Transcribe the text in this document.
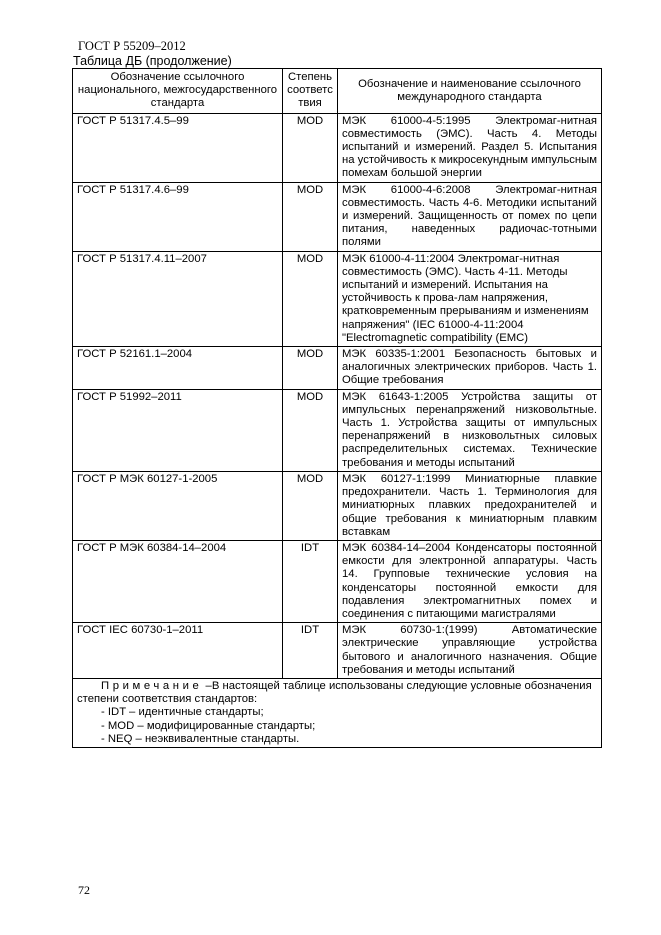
ГОСТ Р 55209–2012
Таблица ДБ (продолжение)
Обозначение ссылочного национального, межгосударственного стандарта	Степень соответс твия	Обозначение и наименование ссылочного международного стандарта
ГОСТ Р 51317.4.5–99	MOD	МЭК 61000-4-5:1995 Электромаг-нитная совместимость (ЭМС). Часть 4. Методы испытаний и измерений. Раздел 5. Испытания на устойчивость к микросекундным импульсным помехам большой энергии
ГОСТ Р 51317.4.6–99	MOD	МЭК 61000-4-6:2008 Электромаг-нитная совместимость. Часть 4-6. Методики испытаний и измерений. Защищенность от помех по цепи питания, наведенных радиочас-тотными полями
ГОСТ Р 51317.4.11–2007	MOD	МЭК 61000-4-11:2004 Электромаг-нитная совместимость (ЭМС). Часть 4-11. Методы испытаний и измерений. Испытания на устойчивость к прова-лам напряжения, кратковременным прерываниям и изменениям напряжения" (IEC 61000-4-11:2004 "Electromagnetic compatibility (EMC)
ГОСТ Р 52161.1–2004	MOD	МЭК 60335-1:2001 Безопасность бытовых и аналогичных электрических приборов. Часть 1. Общие требования
ГОСТ Р 51992–2011	MOD	МЭК 61643-1:2005 Устройства защиты от импульсных перенапряжений низковольтные. Часть 1. Устройства защиты от импульсных перенапряжений в низковольтных силовых распределительных системах. Технические требования и методы испытаний
ГОСТ Р МЭК 60127-1-2005	MOD	МЭК 60127-1:1999 Миниатюрные плавкие предохранители. Часть 1. Терминология для миниатюрных плавких предохранителей и общие требования к миниатюрным плавким вставкам
ГОСТ Р МЭК 60384-14–2004	IDT	МЭК 60384-14–2004 Конденсаторы постоянной емкости для электронной аппаратуры. Часть 14. Групповые технические условия на конденсаторы постоянной емкости для подавления электромагнитных помех и соединения с питающими магистралями
ГОСТ IEC 60730-1–2011	IDT	МЭК 60730-1:(1999) Автоматические электрические управляющие устройства бытового и аналогичного назначения. Общие требования и методы испытаний

Примечание –В настоящей таблице использованы следующие условные обозначения степени соответствия стандартов:
- IDT – идентичные стандарты;
- MOD – модифицированные стандарты;
- NEQ – неэквивалентные стандарты.		
72
